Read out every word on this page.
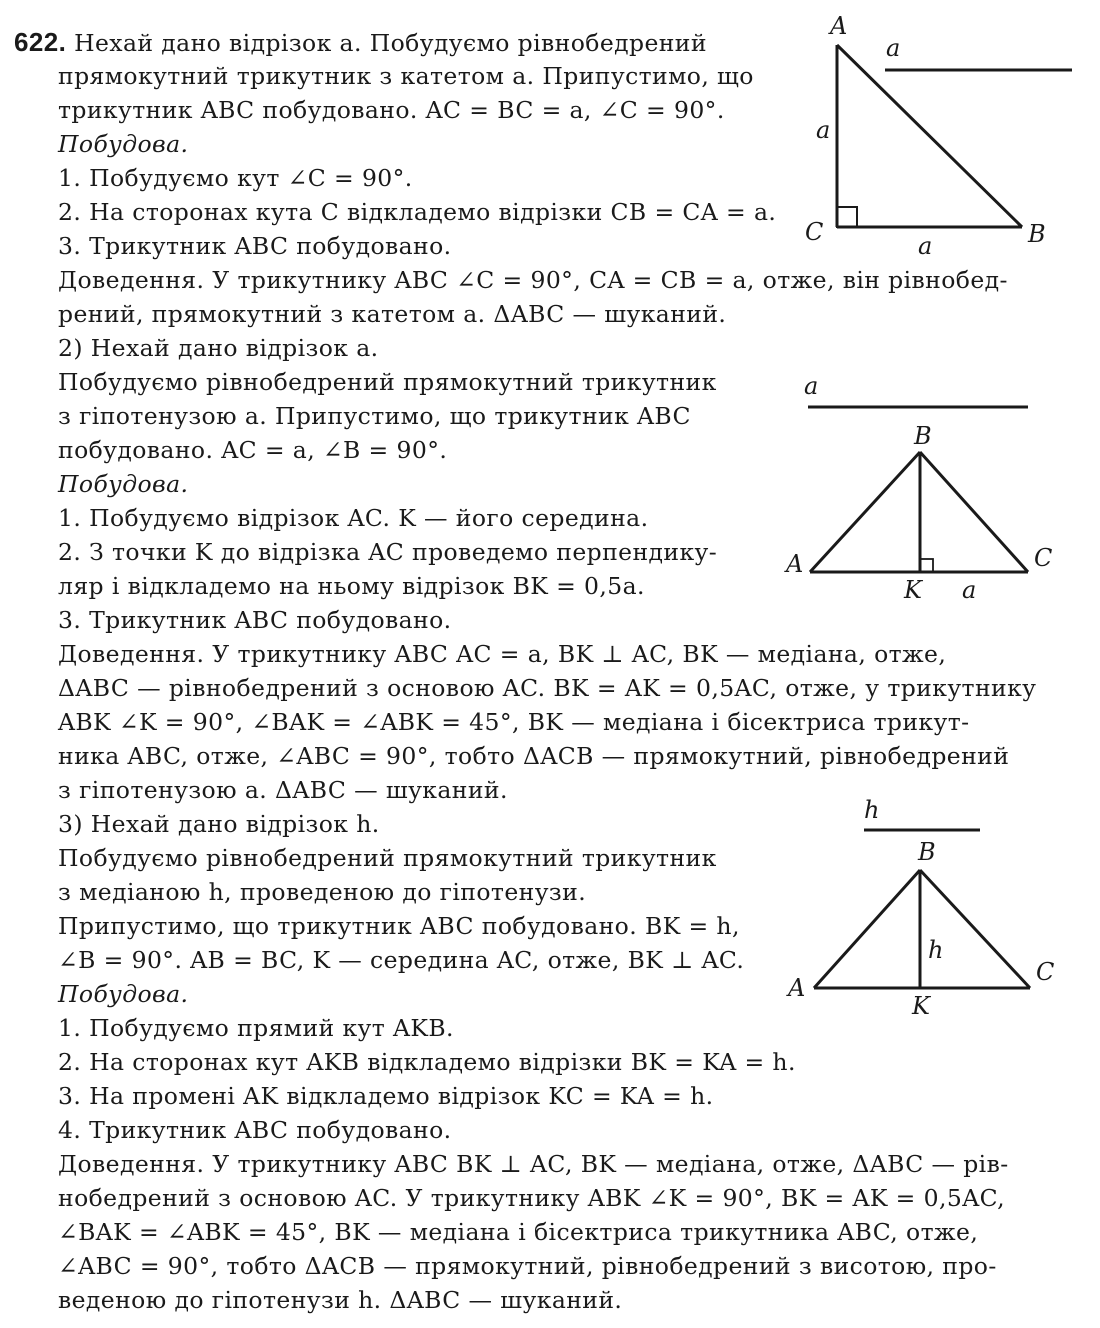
622. Нехай дано відрізок a. Побудуємо рівнобедрений
прямокутний трикутник з катетом a. Припустимо, що
трикутник ABC побудовано. AC = BC = a, ∠C = 90°.
Побудова.
1. Побудуємо кут ∠C = 90°.
2. На сторонах кута C відкладемо відрізки CB = CA = a.
3. Трикутник ABC побудовано.
Доведення. У трикутнику ABC ∠C = 90°, CA = CB = a, отже, він рівнобед-
рений, прямокутний з катетом a. ΔABC — шуканий.
2) Нехай дано відрізок a.
Побудуємо рівнобедрений прямокутний трикутник
з гіпотенузою a. Припустимо, що трикутник ABC
побудовано. AC = a, ∠B = 90°.
Побудова.
1. Побудуємо відрізок AC. K — його середина.
2. З точки K до відрізка AC проведемо перпендику-
ляр і відкладемо на ньому відрізок BK = 0,5a.
3. Трикутник ABC побудовано.
Доведення. У трикутнику ABC AC = a, BK ⊥ AC, BK — медіана, отже,
ΔABC — рівнобедрений з основою AC. BK = AK = 0,5AC, отже, у трикутнику
ABK ∠K = 90°, ∠BAK = ∠ABK = 45°, BK — медіана і бісектриса трикут-
ника ABC, отже, ∠ABC = 90°, тобто ΔACB — прямокутний, рівнобедрений
з гіпотенузою a. ΔABC — шуканий.
3) Нехай дано відрізок h.
Побудуємо рівнобедрений прямокутний трикутник
з медіаною h, проведеною до гіпотенузи.
Припустимо, що трикутник ABC побудовано. BK = h,
∠B = 90°. AB = BC, K — середина AC, отже, BK ⊥ AC.
Побудова.
1. Побудуємо прямий кут AKB.
2. На сторонах кут AKB відкладемо відрізки BK = KA = h.
3. На промені AK відкладемо відрізок KC = KA = h.
4. Трикутник ABC побудовано.
Доведення. У трикутнику ABC BK ⊥ AC, BK — медіана, отже, ΔABC — рів-
нобедрений з основою AC. У трикутнику ABK ∠K = 90°, BK = AK = 0,5AC,
∠BAK = ∠ABK = 45°, BK — медіана і бісектриса трикутника ABC, отже,
∠ABC = 90°, тобто ΔACB — прямокутний, рівнобедрений з висотою, про-
веденою до гіпотенузи h. ΔABC — шуканий.
a
A
C	B
a
a
a
B
A	C
K a
h
B
A
C
K
h
